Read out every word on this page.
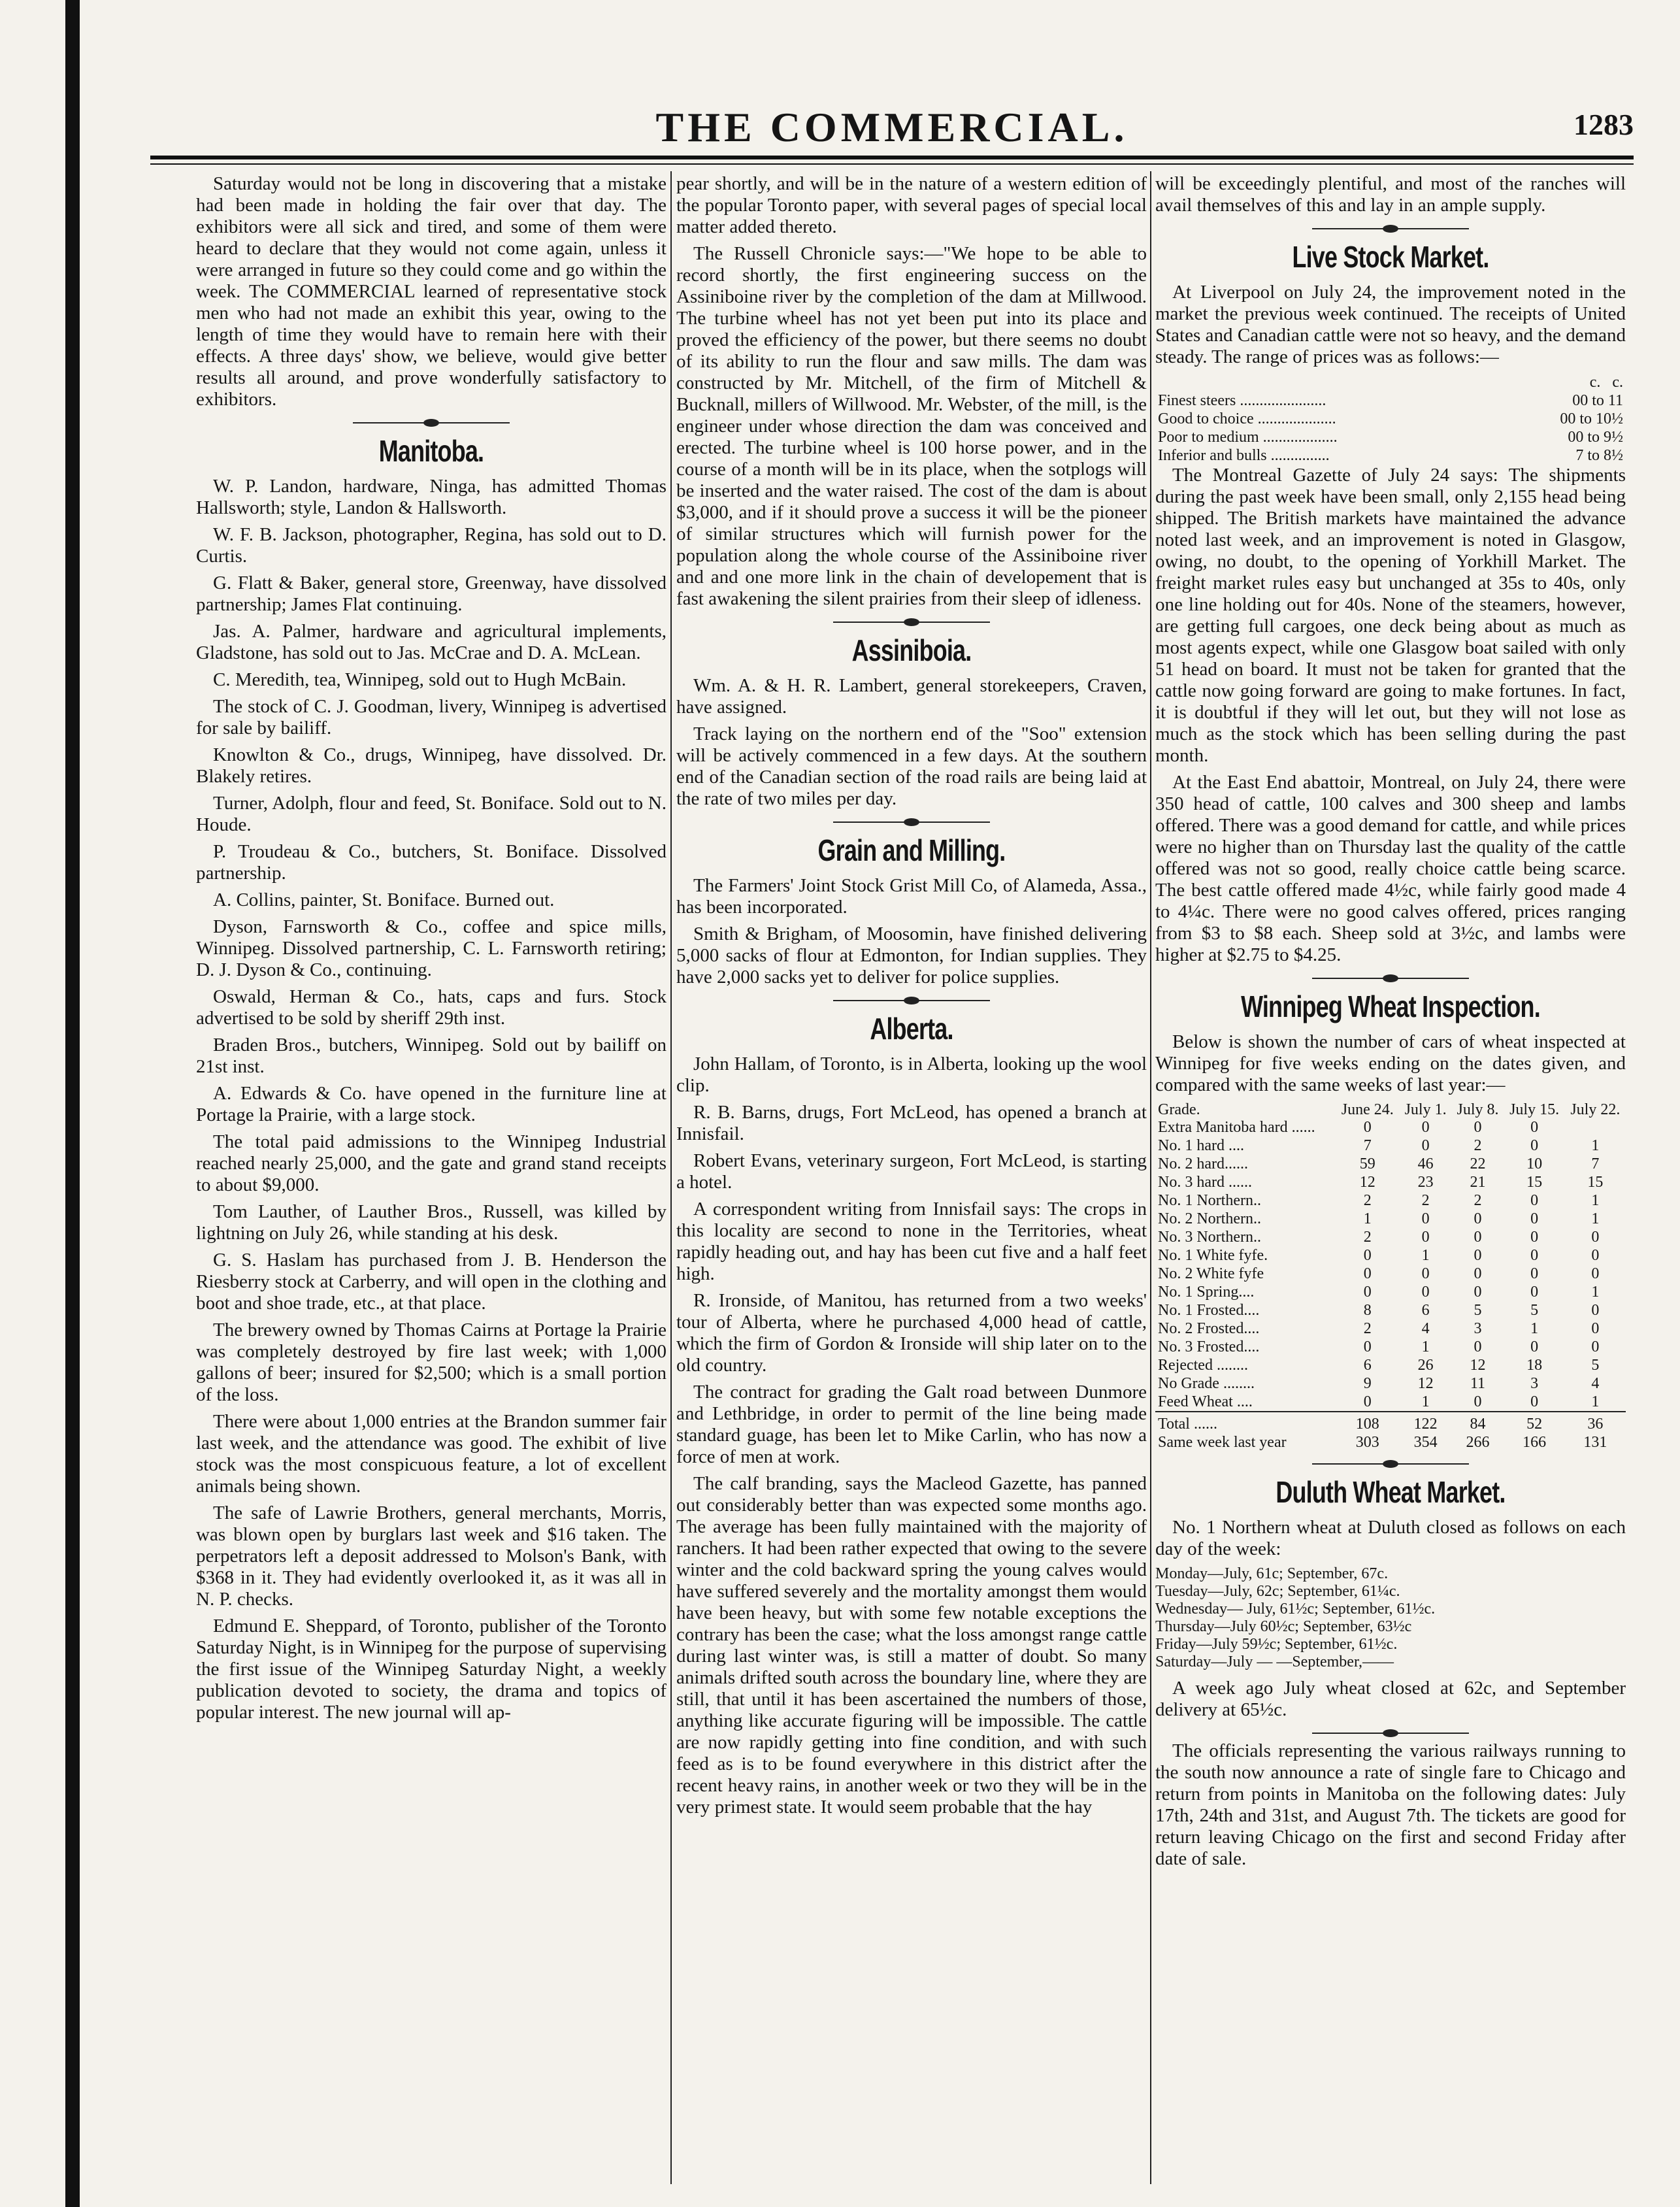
THE COMMERCIAL.	1283

Saturday would not be long in discovering that a mistake had been made in holding the fair over that day. The exhibitors were all sick and tired, and some of them were heard to declare that they would not come again, unless it were arranged in future so they could come and go within the week. The COMMERCIAL learned of representative stock men who had not made an exhibit this year, owing to the length of time they would have to remain here with their effects. A three days' show, we believe, would give better results all around, and prove wonderfully satisfactory to exhibitors.

Manitoba.

W. P. Landon, hardware, Ninga, has admitted Thomas Hallsworth; style, Landon & Hallsworth.

W. F. B. Jackson, photographer, Regina, has sold out to D. Curtis.

G. Flatt & Baker, general store, Greenway, have dissolved partnership; James Flat continuing.

Jas. A. Palmer, hardware and agricultural implements, Gladstone, has sold out to Jas. McCrae and D. A. McLean.

C. Meredith, tea, Winnipeg, sold out to Hugh McBain.

The stock of C. J. Goodman, livery, Winnipeg is advertised for sale by bailiff.

Knowlton & Co., drugs, Winnipeg, have dissolved. Dr. Blakely retires.

Turner, Adolph, flour and feed, St. Boniface. Sold out to N. Houde.

P. Troudeau & Co., butchers, St. Boniface. Dissolved partnership.

A. Collins, painter, St. Boniface. Burned out.

Dyson, Farnsworth & Co., coffee and spice mills, Winnipeg. Dissolved partnership, C. L. Farnsworth retiring; D. J. Dyson & Co., continuing.

Oswald, Herman & Co., hats, caps and furs. Stock advertised to be sold by sheriff 29th inst.

Braden Bros., butchers, Winnipeg. Sold out by bailiff on 21st inst.

A. Edwards & Co. have opened in the furniture line at Portage la Prairie, with a large stock.

The total paid admissions to the Winnipeg Industrial reached nearly 25,000, and the gate and grand stand receipts to about $9,000.

Tom Lauther, of Lauther Bros., Russell, was killed by lightning on July 26, while standing at his desk.

G. S. Haslam has purchased from J. B. Henderson the Riesberry stock at Carberry, and will open in the clothing and boot and shoe trade, etc., at that place.

The brewery owned by Thomas Cairns at Portage la Prairie was completely destroyed by fire last week; with 1,000 gallons of beer; insured for $2,500; which is a small portion of the loss.

There were about 1,000 entries at the Brandon summer fair last week, and the attendance was good. The exhibit of live stock was the most conspicuous feature, a lot of excellent animals being shown.

The safe of Lawrie Brothers, general merchants, Morris, was blown open by burglars last week and $16 taken. The perpetrators left a deposit addressed to Molson's Bank, with $368 in it. They had evidently overlooked it, as it was all in N. P. checks.

Edmund E. Sheppard, of Toronto, publisher of the Toronto Saturday Night, is in Winnipeg for the purpose of supervising the first issue of the Winnipeg Saturday Night, a weekly publication devoted to society, the drama and topics of popular interest. The new journal will ap-

pear shortly, and will be in the nature of a western edition of the popular Toronto paper, with several pages of special local matter added thereto.

The Russell Chronicle says:—"We hope to be able to record shortly, the first engineering success on the Assiniboine river by the completion of the dam at Millwood. The turbine wheel has not yet been put into its place and proved the efficiency of the power, but there seems no doubt of its ability to run the flour and saw mills. The dam was constructed by Mr. Mitchell, of the firm of Mitchell & Bucknall, millers of Willwood. Mr. Webster, of the mill, is the engineer under whose direction the dam was conceived and erected. The turbine wheel is 100 horse power, and in the course of a month will be in its place, when the sotplogs will be inserted and the water raised. The cost of the dam is about $3,000, and if it should prove a success it will be the pioneer of similar structures which will furnish power for the population along the whole course of the Assiniboine river and and one more link in the chain of developement that is fast awakening the silent prairies from their sleep of idleness.

Assiniboia.

Wm. A. & H. R. Lambert, general storekeepers, Craven, have assigned.

Track laying on the northern end of the "Soo" extension will be actively commenced in a few days. At the southern end of the Canadian section of the road rails are being laid at the rate of two miles per day.

Grain and Milling.

The Farmers' Joint Stock Grist Mill Co, of Alameda, Assa., has been incorporated.

Smith & Brigham, of Moosomin, have finished delivering 5,000 sacks of flour at Edmonton, for Indian supplies. They have 2,000 sacks yet to deliver for police supplies.

Alberta.

John Hallam, of Toronto, is in Alberta, looking up the wool clip.

R. B. Barns, drugs, Fort McLeod, has opened a branch at Innisfail.

Robert Evans, veterinary surgeon, Fort McLeod, is starting a hotel.

A correspondent writing from Innisfail says: The crops in this locality are second to none in the Territories, wheat rapidly heading out, and hay has been cut five and a half feet high.

R. Ironside, of Manitou, has returned from a two weeks' tour of Alberta, where he purchased 4,000 head of cattle, which the firm of Gordon & Ironside will ship later on to the old country.

The contract for grading the Galt road between Dunmore and Lethbridge, in order to permit of the line being made standard guage, has been let to Mike Carlin, who has now a force of men at work.

The calf branding, says the Macleod Gazette, has panned out considerably better than was expected some months ago. The average has been fully maintained with the majority of ranchers. It had been rather expected that owing to the severe winter and the cold backward spring the young calves would have suffered severely and the mortality amongst them would have been heavy, but with some few notable exceptions the contrary has been the case; what the loss amongst range cattle during last winter was, is still a matter of doubt. So many animals drifted south across the boundary line, where they are still, that until it has been ascertained the numbers of those, anything like accurate figuring will be impossible. The cattle are now rapidly getting into fine condition, and with such feed as is to be found everywhere in this district after the recent heavy rains, in another week or two they will be in the very primest state. It would seem probable that the hay

will be exceedingly plentiful, and most of the ranches will avail themselves of this and lay in an ample supply.

Live Stock Market.

At Liverpool on July 24, the improvement noted in the market the previous week continued. The receipts of United States and Canadian cattle were not so heavy, and the demand steady. The range of prices was as follows:—

	c. c.
Finest steers ......................	00 to 11
Good to choice ....................	00 to 10½
Poor to medium ...................	00 to 9½
Inferior and bulls ...............	7 to 8½

The Montreal Gazette of July 24 says: The shipments during the past week have been small, only 2,155 head being shipped. The British markets have maintained the advance noted last week, and an improvement is noted in Glasgow, owing, no doubt, to the opening of Yorkhill Market. The freight market rules easy but unchanged at 35s to 40s, only one line holding out for 40s. None of the steamers, however, are getting full cargoes, one deck being about as much as most agents expect, while one Glasgow boat sailed with only 51 head on board. It must not be taken for granted that the cattle now going forward are going to make fortunes. In fact, it is doubtful if they will let out, but they will not lose as much as the stock which has been selling during the past month.

At the East End abattoir, Montreal, on July 24, there were 350 head of cattle, 100 calves and 300 sheep and lambs offered. There was a good demand for cattle, and while prices were no higher than on Thursday last the quality of the cattle offered was not so good, really choice cattle being scarce. The best cattle offered made 4½c, while fairly good made 4 to 4¼c. There were no good calves offered, prices ranging from $3 to $8 each. Sheep sold at 3½c, and lambs were higher at $2.75 to $4.25.

Winnipeg Wheat Inspection.

Below is shown the number of cars of wheat inspected at Winnipeg for five weeks ending on the dates given, and compared with the same weeks of last year:—

Grade.	June 24.	July 1.	July 8.	July 15.	July 22.
Extra Manitoba hard ......	0	0	0	0	
No. 1 hard ....	7	0	2	0	1
No. 2 hard......	59	46	22	10	7
No. 3 hard ......	12	23	21	15	15
No. 1 Northern..	2	2	2	0	1
No. 2 Northern..	1	0	0	0	1
No. 3 Northern..	2	0	0	0	0
No. 1 White fyfe.	0	1	0	0	0
No. 2 White fyfe	0	0	0	0	0
No. 1 Spring....	0	0	0	0	1
No. 1 Frosted....	8	6	5	5	0
No. 2 Frosted....	2	4	3	1	0
No. 3 Frosted....	0	1	0	0	0
Rejected ........	6	26	12	18	5
No Grade ........	9	12	11	3	4
Feed Wheat ....	0	1	0	0	1
Total ......	108	122	84	52	36
Same week last year	303	354	266	166	131
Duluth Wheat Market.

No. 1 Northern wheat at Duluth closed as follows on each day of the week:

Monday—July, 61c; September, 67c.
Tuesday—July, 62c; September, 61¼c.
Wednesday— July, 61½c; September, 61½c.
Thursday—July 60½c; September, 63½c
Friday—July 59½c; September, 61½c.
Saturday—July — —September,——

A week ago July wheat closed at 62c, and September delivery at 65½c.

The officials representing the various railways running to the south now announce a rate of single fare to Chicago and return from points in Manitoba on the following dates: July 17th, 24th and 31st, and August 7th. The tickets are good for return leaving Chicago on the first and second Friday after date of sale.
